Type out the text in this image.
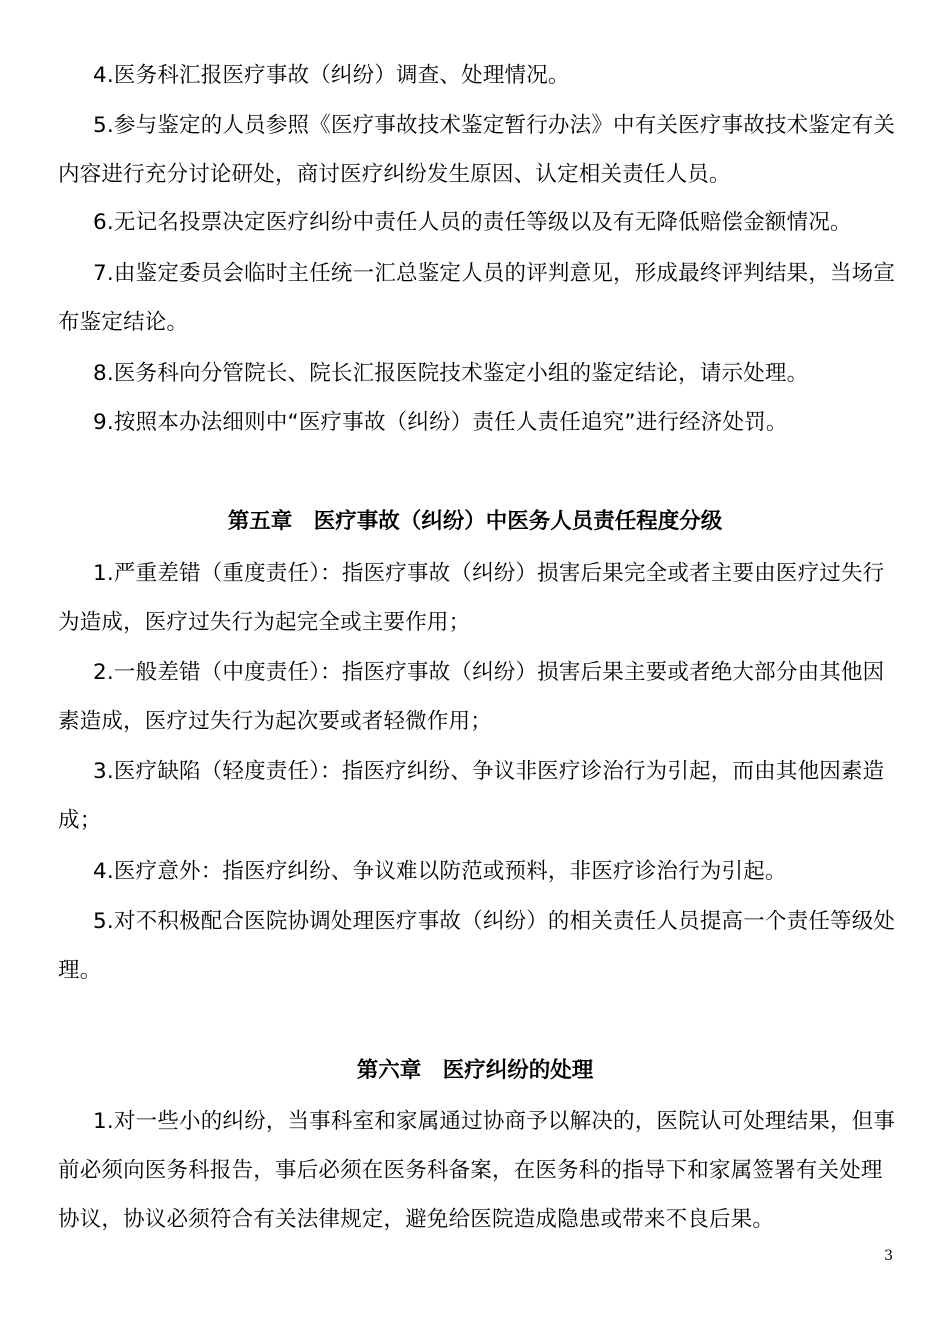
4.医务科汇报医疗事故（纠纷）调查、处理情况。

5.参与鉴定的人员参照《医疗事故技术鉴定暂行办法》中有关医疗事故技术鉴定有关内容进行充分讨论研处，商讨医疗纠纷发生原因、认定相关责任人员。

6.无记名投票决定医疗纠纷中责任人员的责任等级以及有无降低赔偿金额情况。

7.由鉴定委员会临时主任统一汇总鉴定人员的评判意见，形成最终评判结果，当场宣布鉴定结论。

8.医务科向分管院长、院长汇报医院技术鉴定小组的鉴定结论，请示处理。

9.按照本办法细则中“医疗事故（纠纷）责任人责任追究”进行经济处罚。

第五章　医疗事故（纠纷）中医务人员责任程度分级

1.严重差错（重度责任）：指医疗事故（纠纷）损害后果完全或者主要由医疗过失行为造成，医疗过失行为起完全或主要作用；

2.一般差错（中度责任）：指医疗事故（纠纷）损害后果主要或者绝大部分由其他因素造成，医疗过失行为起次要或者轻微作用；

3.医疗缺陷（轻度责任）：指医疗纠纷、争议非医疗诊治行为引起，而由其他因素造成；

4.医疗意外：指医疗纠纷、争议难以防范或预料，非医疗诊治行为引起。

5.对不积极配合医院协调处理医疗事故（纠纷）的相关责任人员提高一个责任等级处理。

第六章　医疗纠纷的处理

1.对一些小的纠纷，当事科室和家属通过协商予以解决的，医院认可处理结果，但事前必须向医务科报告，事后必须在医务科备案，在医务科的指导下和家属签署有关处理协议，协议必须符合有关法律规定，避免给医院造成隐患或带来不良后果。

3
